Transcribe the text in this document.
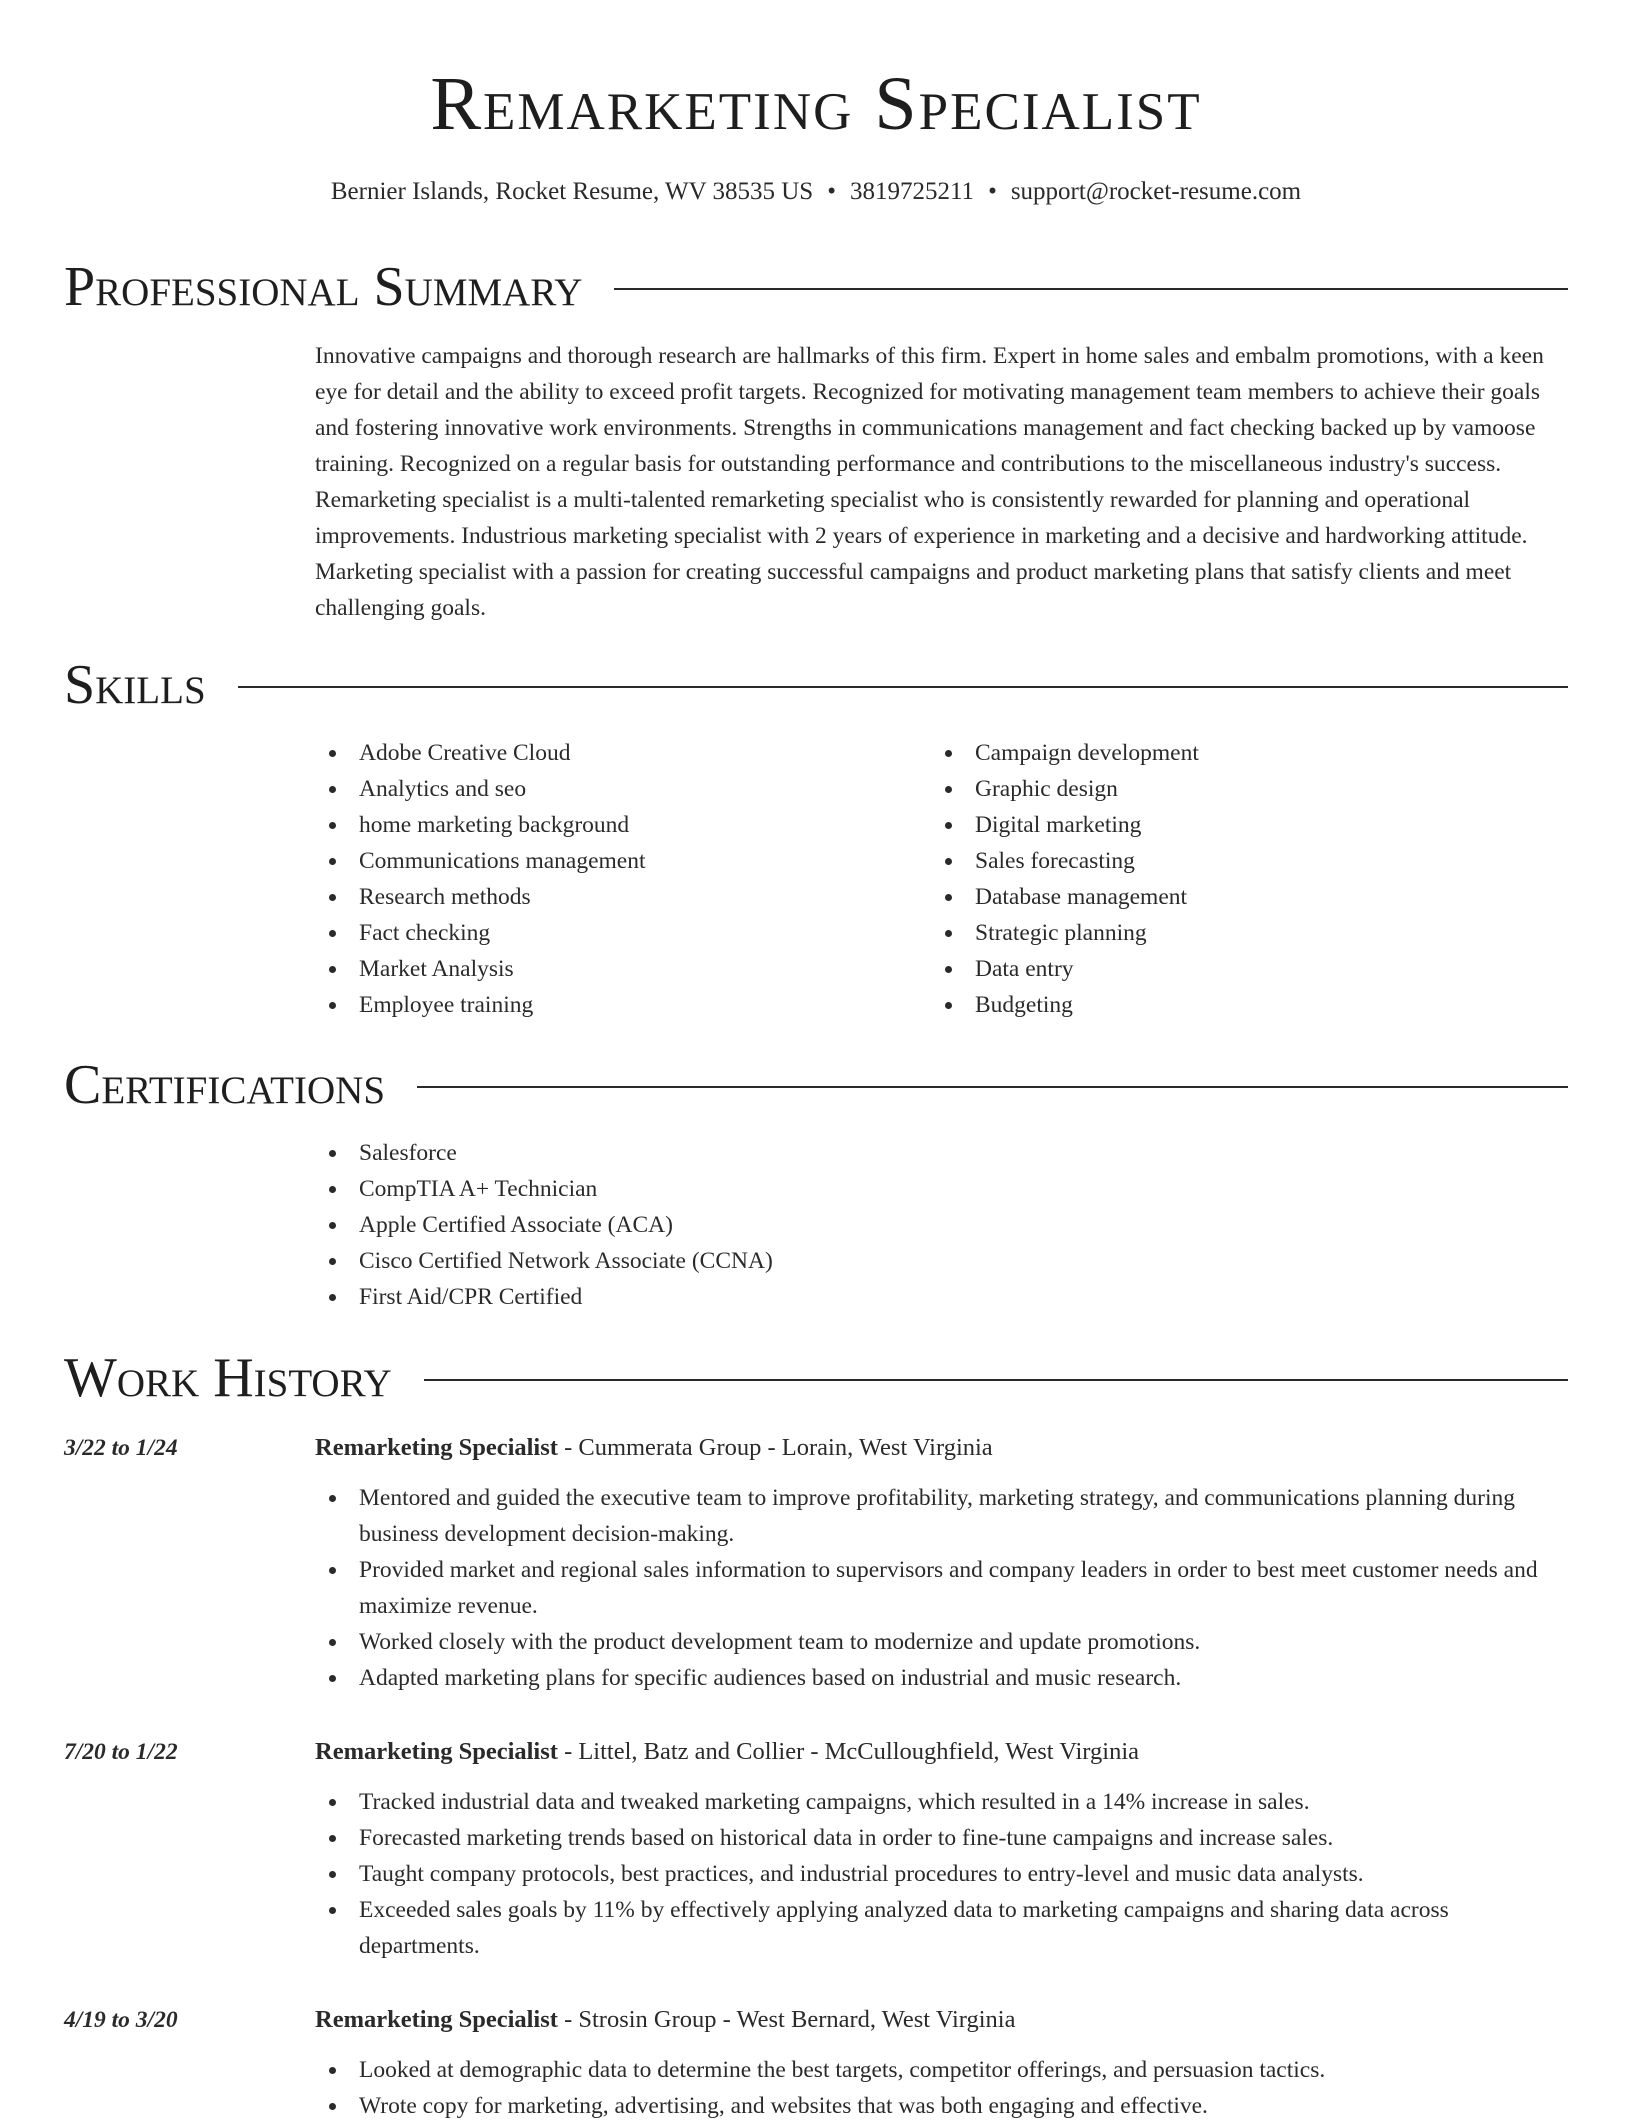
Remarketing Specialist
Bernier Islands, Rocket Resume, WV 38535 US • 3819725211 • support@rocket-resume.com
Professional Summary
Innovative campaigns and thorough research are hallmarks of this firm. Expert in home sales and embalm promotions, with a keen eye for detail and the ability to exceed profit targets. Recognized for motivating management team members to achieve their goals and fostering innovative work environments. Strengths in communications management and fact checking backed up by vamoose training. Recognized on a regular basis for outstanding performance and contributions to the miscellaneous industry's success. Remarketing specialist is a multi-talented remarketing specialist who is consistently rewarded for planning and operational improvements. Industrious marketing specialist with 2 years of experience in marketing and a decisive and hardworking attitude. Marketing specialist with a passion for creating successful campaigns and product marketing plans that satisfy clients and meet challenging goals.
Skills
Adobe Creative Cloud
Analytics and seo
home marketing background
Communications management
Research methods
Fact checking
Market Analysis
Employee training
Campaign development
Graphic design
Digital marketing
Sales forecasting
Database management
Strategic planning
Data entry
Budgeting
Certifications
Salesforce
CompTIA A+ Technician
Apple Certified Associate (ACA)
Cisco Certified Network Associate (CCNA)
First Aid/CPR Certified
Work History
3/22 to 1/24	Remarketing Specialist - Cummerata Group - Lorain, West Virginia
Mentored and guided the executive team to improve profitability, marketing strategy, and communications planning during business development decision-making.
Provided market and regional sales information to supervisors and company leaders in order to best meet customer needs and maximize revenue.
Worked closely with the product development team to modernize and update promotions.
Adapted marketing plans for specific audiences based on industrial and music research.
7/20 to 1/22	Remarketing Specialist - Littel, Batz and Collier - McCulloughfield, West Virginia
Tracked industrial data and tweaked marketing campaigns, which resulted in a 14% increase in sales.
Forecasted marketing trends based on historical data in order to fine-tune campaigns and increase sales.
Taught company protocols, best practices, and industrial procedures to entry-level and music data analysts.
Exceeded sales goals by 11% by effectively applying analyzed data to marketing campaigns and sharing data across departments.
4/19 to 3/20	Remarketing Specialist - Strosin Group - West Bernard, West Virginia
Looked at demographic data to determine the best targets, competitor offerings, and persuasion tactics.
Wrote copy for marketing, advertising, and websites that was both engaging and effective.
